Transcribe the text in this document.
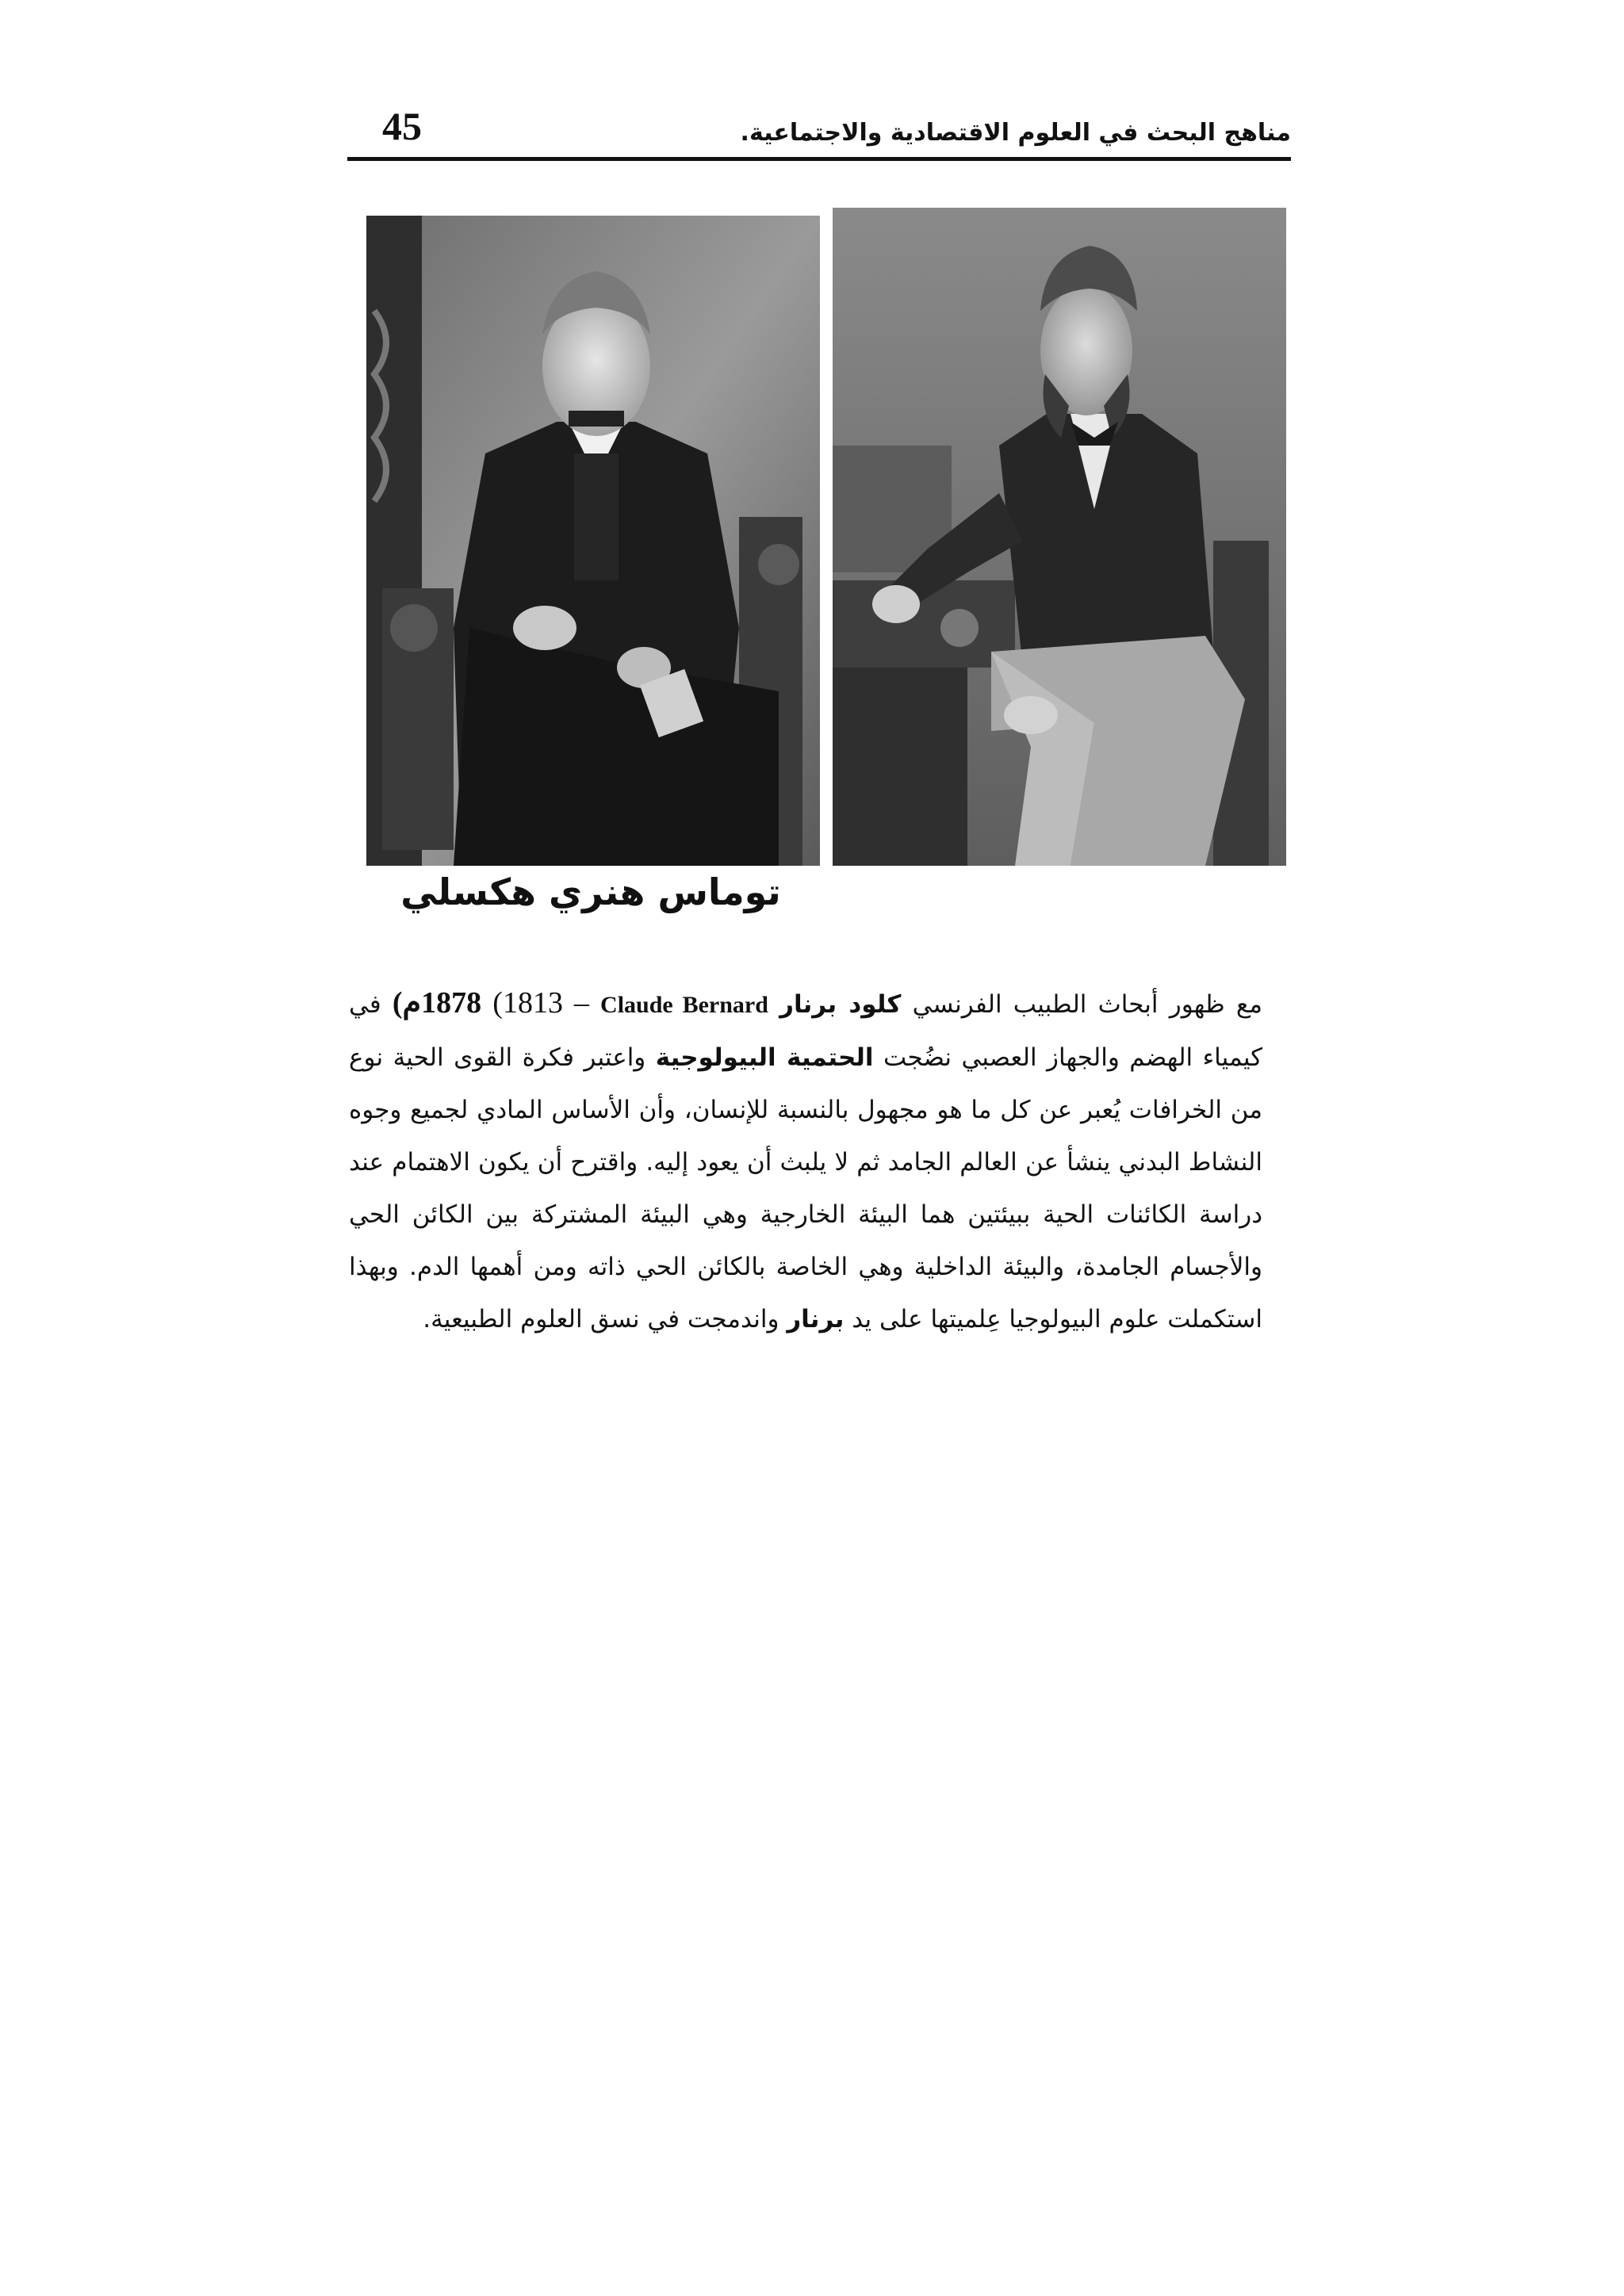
مناهج البحث في العلوم الاقتصادية والاجتماعية.
45
توماس هنري هكسلي
مع ظهور أبحاث الطبيب الفرنسي كلود برنار Claude Bernard (1813 – 1878م) في كيمياء الهضم والجهاز العصبي نضُجت الحتمية البيولوجية واعتبر فكرة القوى الحية نوع من الخرافات يُعبر عن كل ما هو مجهول بالنسبة للإنسان، وأن الأساس المادي لجميع وجوه النشاط البدني ينشأ عن العالم الجامد ثم لا يلبث أن يعود إليه. واقترح أن يكون الاهتمام عند دراسة الكائنات الحية ببيئتين هما البيئة الخارجية وهي البيئة المشتركة بين الكائن الحي والأجسام الجامدة، والبيئة الداخلية وهي الخاصة بالكائن الحي ذاته ومن أهمها الدم. وبهذا استكملت علوم البيولوجيا عِلميتها على يد برنار واندمجت في نسق العلوم الطبيعية.
